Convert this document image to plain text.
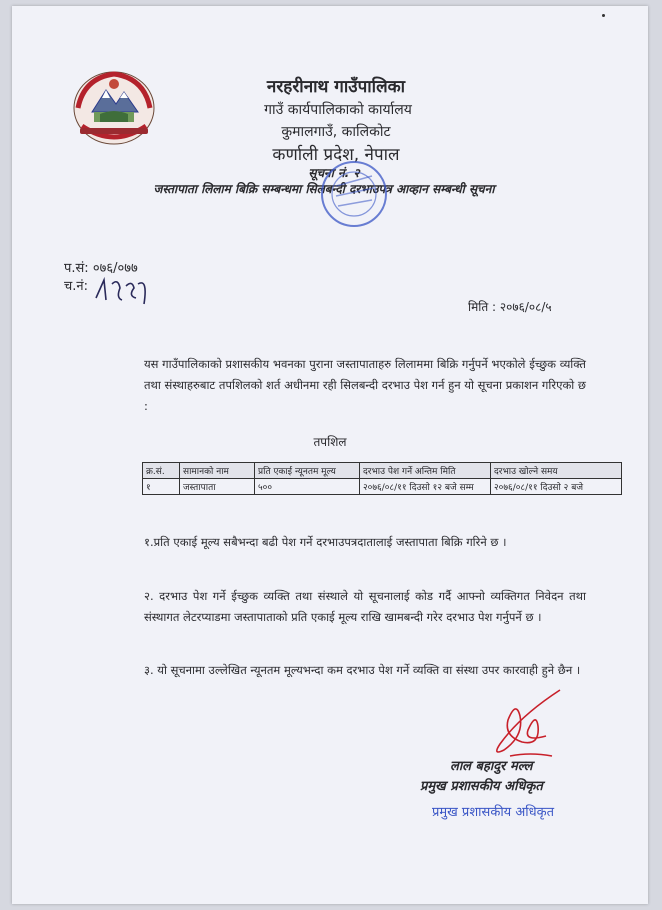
नरहरीनाथ गाउँपालिका
गाउँ कार्यपालिकाको कार्यालय
कुमालगाउँ, कालिकोट
कर्णाली प्रदेश, नेपाल
सूचना नं. २
जस्तापाता लिलाम बिक्रि सम्बन्धमा सिलबन्दी दरभाउपत्र आव्हान सम्बन्धी सूचना
प.सं: ०७६/०७७
च.नं:
मिति : २०७६/०८/५

यस गाउँपालिकाको प्रशासकीय भवनका पुराना जस्तापाताहरु लिलाममा बिक्रि गर्नुपर्ने भएकोले ईच्छुक व्यक्ति तथा संस्थाहरुबाट तपशिलको शर्त अधीनमा रही सिलबन्दी दरभाउ पेश गर्न हुन यो सूचना प्रकाशन गरिएको छ :

तपशिल
क्र.सं.	सामानको नाम	प्रति एकाई न्यूनतम मूल्य	दरभाउ पेश गर्ने अन्तिम मिति	दरभाउ खोल्ने समय
१	जस्तापाता	५००	२०७६/०८/११ दिउसो १२ बजे सम्म	२०७६/०८/११ दिउसो २ बजे

१.प्रति एकाई मूल्य सबैभन्दा बढी पेश गर्ने दरभाउपत्रदातालाई जस्तापाता बिक्रि गरिने छ ।

२. दरभाउ पेश गर्ने ईच्छुक व्यक्ति तथा संस्थाले यो सूचनालाई कोड गर्दै आफ्नो व्यक्तिगत निवेदन तथा संस्थागत लेटरप्याडमा जस्तापाताको प्रति एकाई मूल्य राखि खामबन्दी गरेर दरभाउ पेश गर्नुपर्ने छ ।

३. यो सूचनामा उल्लेखित न्यूनतम मूल्यभन्दा कम दरभाउ पेश गर्ने व्यक्ति वा संस्था उपर कारवाही हुने छैन ।

लाल बहादुर मल्ल
प्रमुख प्रशासकीय अधिकृत
प्रमुख प्रशासकीय अधिकृत
